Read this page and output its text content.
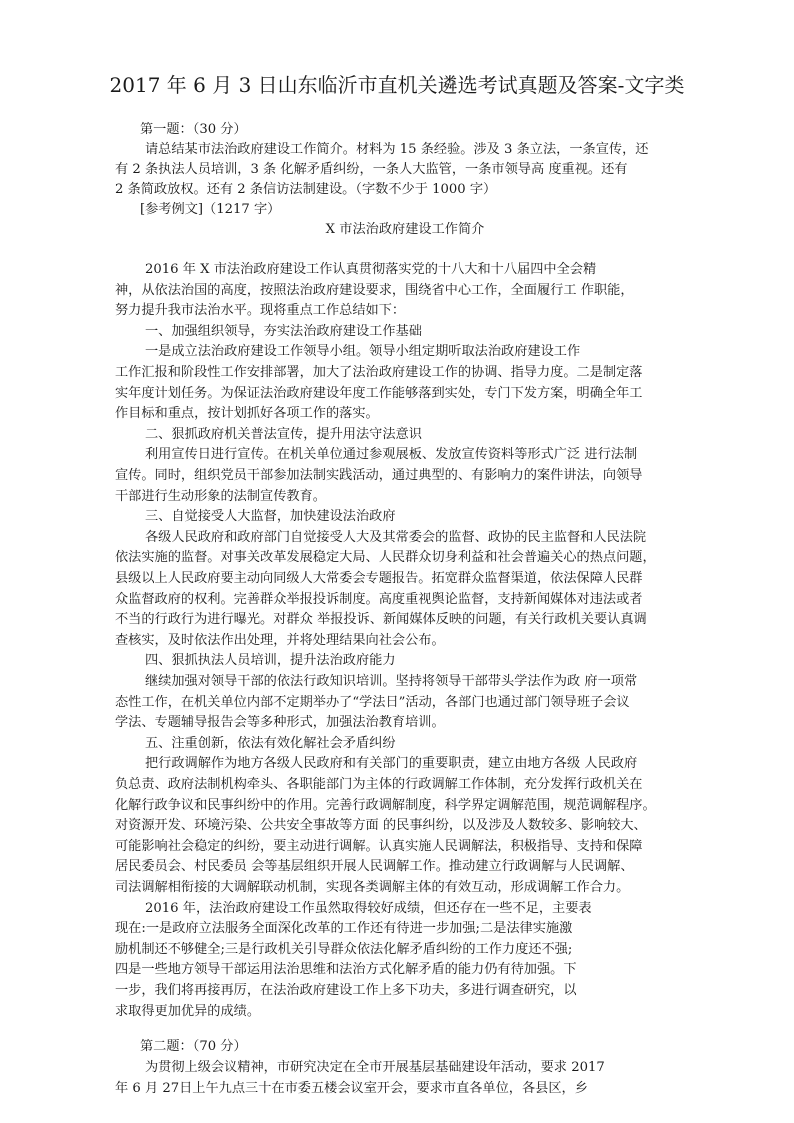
2017 年 6 月 3 日山东临沂市直机关遴选考试真题及答案-文字类
第一题：（30 分）
请总结某市法治政府建设工作简介。材料为 15 条经验。涉及 3 条立法，一条宣传，还
有 2 条执法人员培训，3 条 化解矛盾纠纷，一条人大监管，一条市领导高 度重视。还有
2 条简政放权。还有 2 条信访法制建设。（字数不少于 1000 字）
[参考例文]（1217 字）
X 市法治政府建设工作简介
2016 年 X 市法治政府建设工作认真贯彻落实党的十八大和十八届四中全会精
神，从依法治国的高度，按照法治政府建设要求，围绕省中心工作，全面履行工 作职能，
努力提升我市法治水平。现将重点工作总结如下：
一、加强组织领导，夯实法治政府建设工作基础
一是成立法治政府建设工作领导小组。领导小组定期听取法治政府建设工作
工作汇报和阶段性工作安排部署，加大了法治政府建设工作的协调、指导力度。二是制定落
实年度计划任务。为保证法治政府建设年度工作能够落到实处，专门下发方案，明确全年工
作目标和重点，按计划抓好各项工作的落实。
二、狠抓政府机关普法宣传，提升用法守法意识
利用宣传日进行宣传。在机关单位通过参观展板、发放宣传资料等形式广泛 进行法制
宣传。同时，组织党员干部参加法制实践活动，通过典型的、有影响力的案件讲法，向领导
干部进行生动形象的法制宣传教育。
三、自觉接受人大监督，加快建设法治政府
各级人民政府和政府部门自觉接受人大及其常委会的监督、政协的民主监督和人民法院
依法实施的监督。对事关改革发展稳定大局、人民群众切身利益和社会普遍关心的热点问题，
县级以上人民政府要主动向同级人大常委会专题报告。拓宽群众监督渠道，依法保障人民群
众监督政府的权利。完善群众举报投诉制度。高度重视舆论监督，支持新闻媒体对违法或者
不当的行政行为进行曝光。对群众 举报投诉、新闻媒体反映的问题，有关行政机关要认真调
查核实，及时依法作出处理，并将处理结果向社会公布。
四、狠抓执法人员培训，提升法治政府能力
继续加强对领导干部的依法行政知识培训。坚持将领导干部带头学法作为政 府一项常
态性工作，在机关单位内部不定期举办了“学法日”活动，各部门也通过部门领导班子会议
学法、专题辅导报告会等多种形式，加强法治教育培训。
五、注重创新，依法有效化解社会矛盾纠纷
把行政调解作为地方各级人民政府和有关部门的重要职责，建立由地方各级 人民政府
负总责、政府法制机构牵头、各职能部门为主体的行政调解工作体制，充分发挥行政机关在
化解行政争议和民事纠纷中的作用。完善行政调解制度，科学界定调解范围，规范调解程序。
对资源开发、环境污染、公共安全事故等方面 的民事纠纷，以及涉及人数较多、影响较大、
可能影响社会稳定的纠纷，要主动进行调解。认真实施人民调解法，积极指导、支持和保障
居民委员会、村民委员 会等基层组织开展人民调解工作。推动建立行政调解与人民调解、
司法调解相衔接的大调解联动机制，实现各类调解主体的有效互动，形成调解工作合力。
2016 年，法治政府建设工作虽然取得较好成绩，但还存在一些不足，主要表
现在:一是政府立法服务全面深化改革的工作还有待进一步加强;二是法律实施激
励机制还不够健全;三是行政机关引导群众依法化解矛盾纠纷的工作力度还不强;
四是一些地方领导干部运用法治思维和法治方式化解矛盾的能力仍有待加强。下
一步，我们将再接再厉，在法治政府建设工作上多下功夫，多进行调查研究，以
求取得更加优异的成绩。
第二题：（70 分）
为贯彻上级会议精神，市研究决定在全市开展基层基础建设年活动，要求 2017
年 6 月 27日上午九点三十在市委五楼会议室开会，要求市直各单位，各县区，乡
